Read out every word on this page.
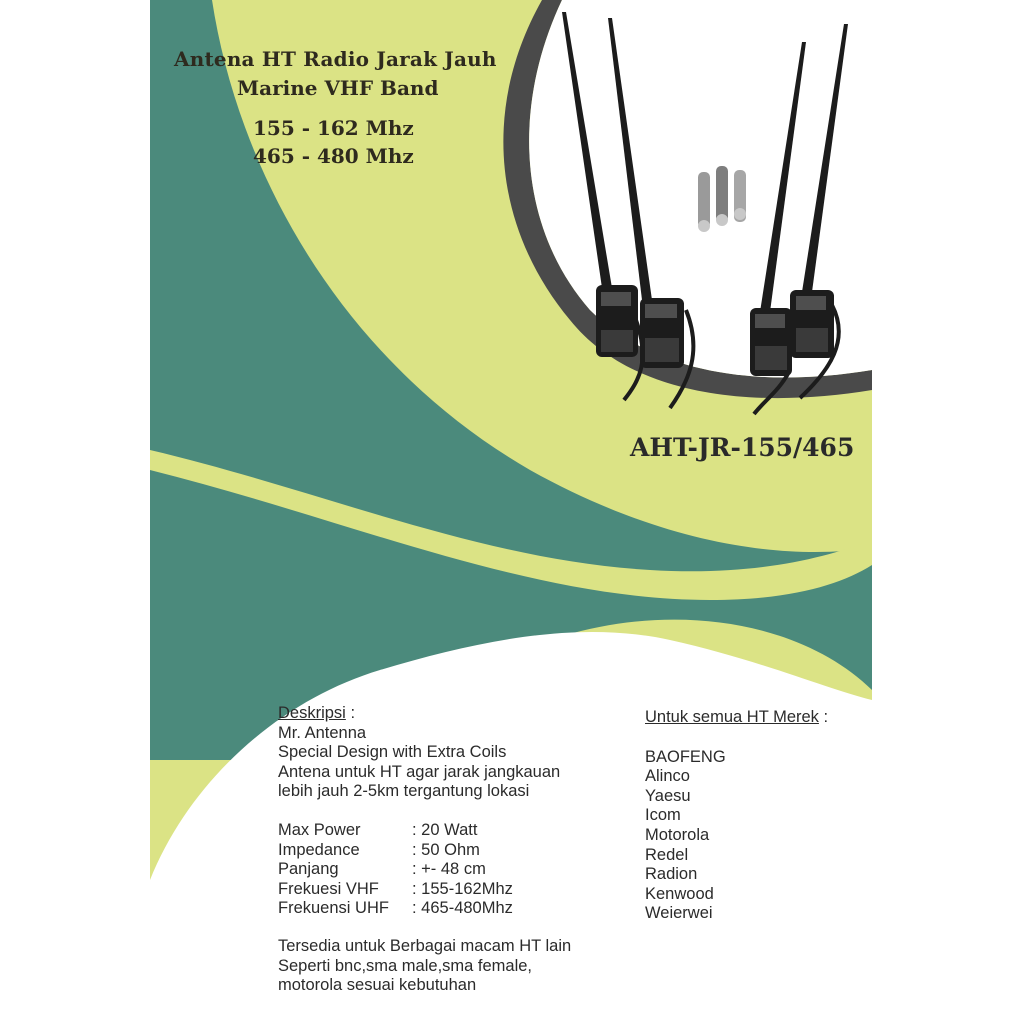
Antena HT Radio Jarak Jauh
Marine VHF Band
155 - 162 Mhz
465 - 480 Mhz
AHT-JR-155/465
Deskripsi :
Mr. Antenna
Special Design with Extra Coils
Antena untuk HT agar jarak jangkauan
lebih jauh 2-5km tergantung lokasi
Max Power	: 20 Watt
Impedance	: 50 Ohm
Panjang	: +- 48 cm
Frekuesi VHF	: 155-162Mhz
Frekuensi UHF	: 465-480Mhz
Tersedia untuk Berbagai macam HT lain
Seperti bnc,sma male,sma female,
motorola sesuai kebutuhan
Untuk semua HT Merek :
BAOFENG
Alinco
Yaesu
Icom
Motorola
Redel
Radion
Kenwood
Weierwei
